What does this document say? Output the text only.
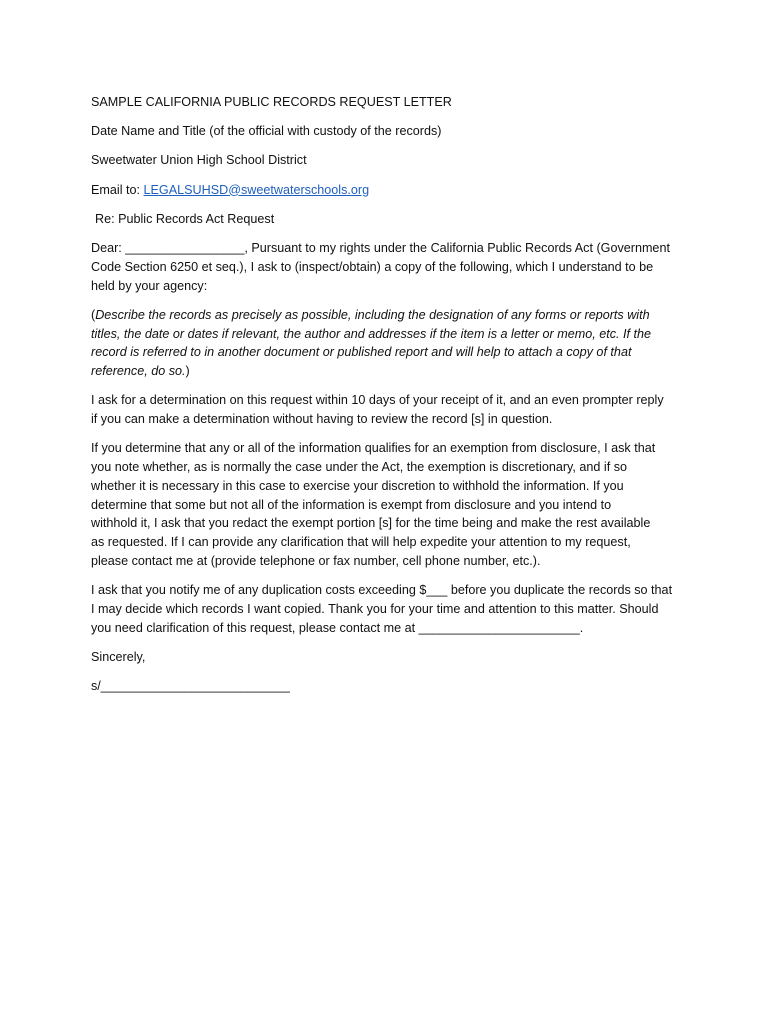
SAMPLE CALIFORNIA PUBLIC RECORDS REQUEST LETTER

Date Name and Title (of the official with custody of the records)

Sweetwater Union High School District

Email to: LEGALSUHSD@sweetwaterschools.org

Re: Public Records Act Request

Dear: _________________, Pursuant to my rights under the California Public Records Act (Government
Code Section 6250 et seq.), I ask to (inspect/obtain) a copy of the following, which I understand to be
held by your agency:
(Describe the records as precisely as possible, including the designation of any forms or reports with
titles, the date or dates if relevant, the author and addresses if the item is a letter or memo, etc. If the
record is referred to in another document or published report and will help to attach a copy of that
reference, do so.)
I ask for a determination on this request within 10 days of your receipt of it, and an even prompter reply
if you can make a determination without having to review the record [s] in question.
If you determine that any or all of the information qualifies for an exemption from disclosure, I ask that
you note whether, as is normally the case under the Act, the exemption is discretionary, and if so
whether it is necessary in this case to exercise your discretion to withhold the information. If you
determine that some but not all of the information is exempt from disclosure and you intend to
withhold it, I ask that you redact the exempt portion [s] for the time being and make the rest available
as requested. If I can provide any clarification that will help expedite your attention to my request,
please contact me at (provide telephone or fax number, cell phone number, etc.).
I ask that you notify me of any duplication costs exceeding $___ before you duplicate the records so that
I may decide which records I want copied. Thank you for your time and attention to this matter. Should
you need clarification of this request, please contact me at _______________________.

Sincerely,

s/___________________________
